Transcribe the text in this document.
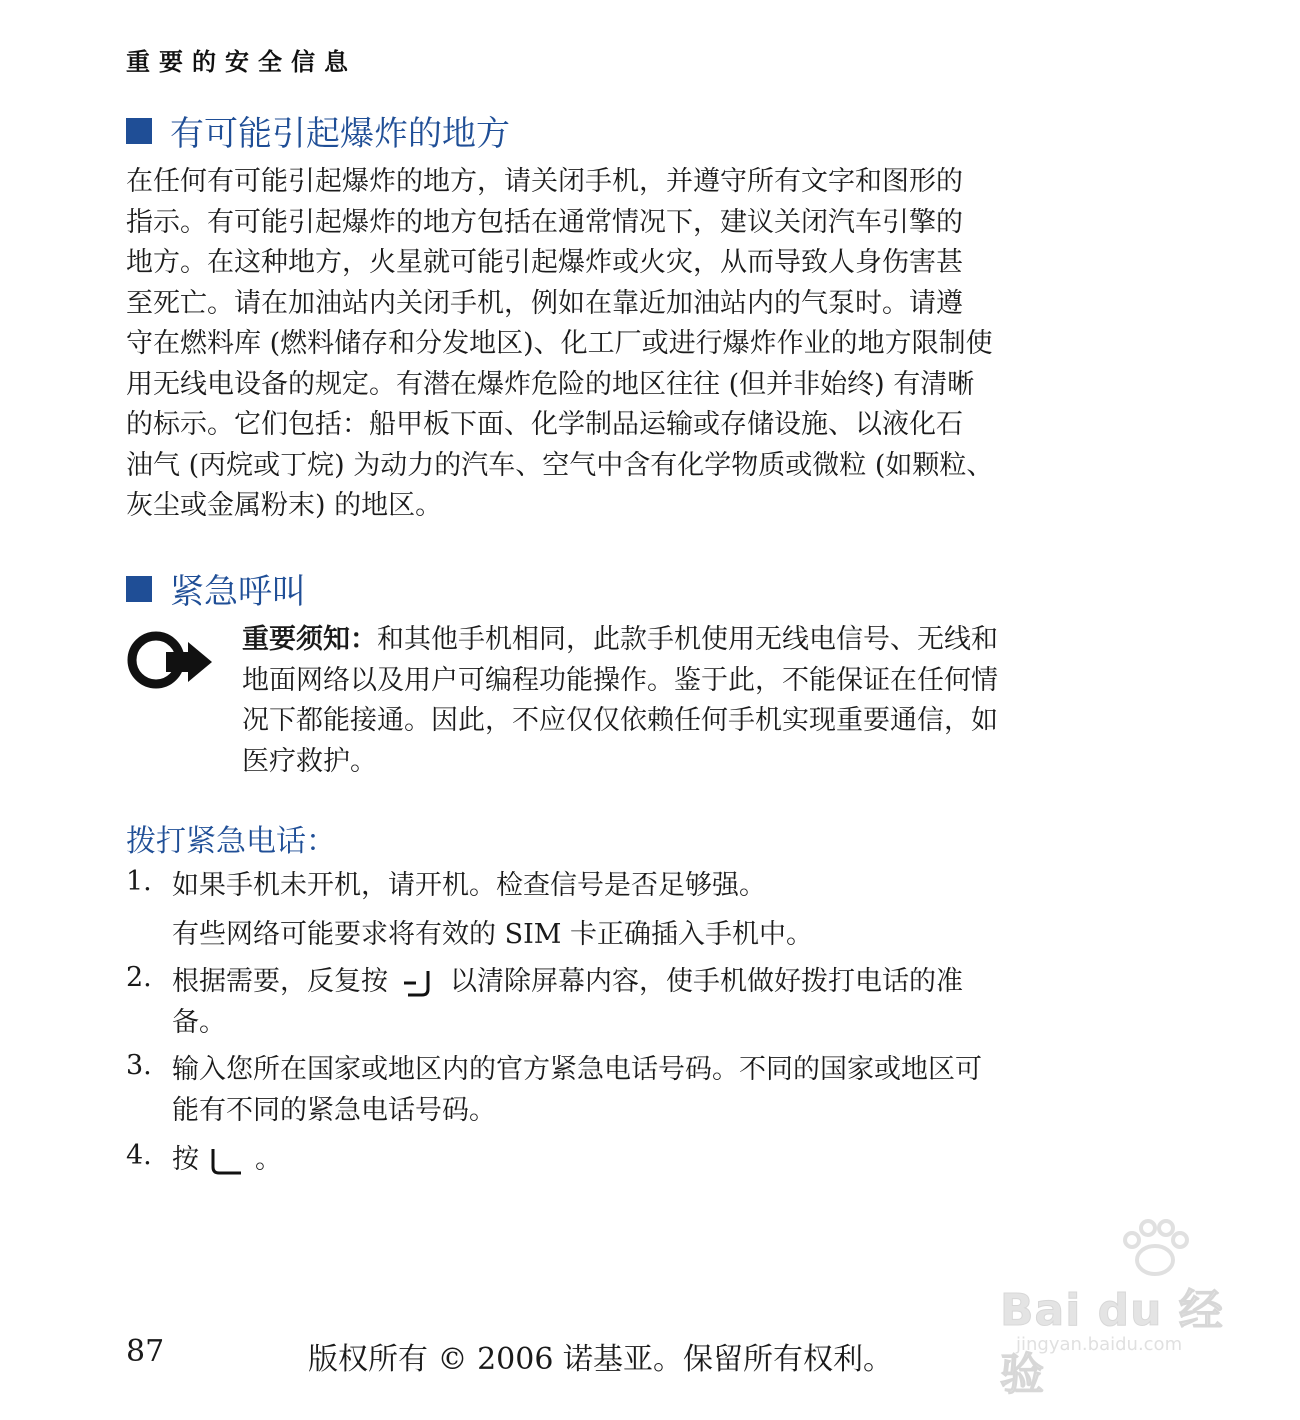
重要的安全信息
有可能引起爆炸的地方
在任何有可能引起爆炸的地方，请关闭手机，并遵守所有文字和图形的
指示。有可能引起爆炸的地方包括在通常情况下，建议关闭汽车引擎的
地方。在这种地方，火星就可能引起爆炸或火灾，从而导致人身伤害甚
至死亡。请在加油站内关闭手机，例如在靠近加油站内的气泵时。请遵
守在燃料库 (燃料储存和分发地区)、化工厂或进行爆炸作业的地方限制使
用无线电设备的规定。有潜在爆炸危险的地区往往 (但并非始终) 有清晰
的标示。它们包括：船甲板下面、化学制品运输或存储设施、以液化石
油气 (丙烷或丁烷) 为动力的汽车、空气中含有化学物质或微粒 (如颗粒、
灰尘或金属粉末) 的地区。
紧急呼叫
重要须知：和其他手机相同，此款手机使用无线电信号、无线和
地面网络以及用户可编程功能操作。鉴于此，不能保证在任何情
况下都能接通。因此，不应仅仅依赖任何手机实现重要通信，如
医疗救护。
拨打紧急电话：
1. 如果手机未开机，请开机。检查信号是否足够强。
有些网络可能要求将有效的 SIM 卡正确插入手机中。
2. 根据需要，反复按 以清除屏幕内容，使手机做好拨打电话的准
备。
3. 输入您所在国家或地区内的官方紧急电话号码。不同的国家或地区可
能有不同的紧急电话号码。
4. 按 。
87	版权所有 © 2006 诺基亚。保留所有权利。
Bai du 经验
jingyan.baidu.com
